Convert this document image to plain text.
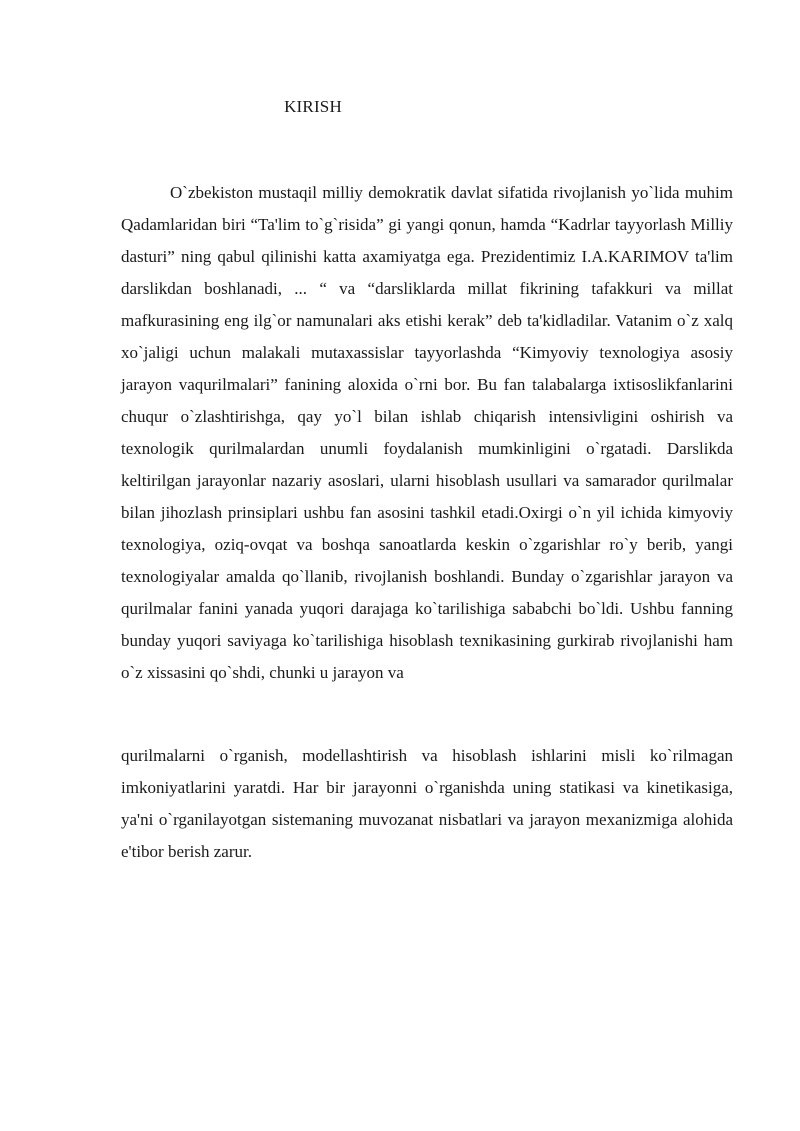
KIRISH

O`zbekiston mustaqil milliy demokratik davlat sifatida rivojlanish yo`lida muhim Qadamlaridan biri “Ta'lim to`g`risida” gi yangi qonun, hamda “Kadrlar tayyorlash Milliy dasturi” ning qabul qilinishi katta axamiyatga ega. Prezidentimiz I.A.KARIMOV ta'lim darslikdan boshlanadi, ... “ va “darsliklarda millat fikrining tafakkuri va millat mafkurasining eng ilg`or namunalari aks etishi kerak” deb ta'kidladilar. Vatanim o`z xalq xo`jaligi uchun malakali mutaxassislar tayyorlashda “Kimyoviy texnologiya asosiy jarayon vaqurilmalari” fanining aloxida o`rni bor. Bu fan talabalarga ixtisoslikfanlarini chuqur o`zlashtirishga, qay yo`l bilan ishlab chiqarish intensivligini oshirish va texnologik qurilmalardan unumli foydalanish mumkinligini o`rgatadi. Darslikda keltirilgan jarayonlar nazariy asoslari, ularni hisoblash usullari va samarador qurilmalar bilan jihozlash prinsiplari ushbu fan asosini tashkil etadi.Oxirgi o`n yil ichida kimyoviy texnologiya, oziq-ovqat va boshqa sanoatlarda keskin o`zgarishlar ro`y berib, yangi texnologiyalar amalda qo`llanib, rivojlanish boshlandi. Bunday o`zgarishlar jarayon va qurilmalar fanini yanada yuqori darajaga ko`tarilishiga sababchi bo`ldi. Ushbu fanning bunday yuqori saviyaga ko`tarilishiga hisoblash texnikasining gurkirab rivojlanishi ham o`z xissasini qo`shdi, chunki u jarayon va

qurilmalarni o`rganish, modellashtirish va hisoblash ishlarini misli ko`rilmagan imkoniyatlarini yaratdi. Har bir jarayonni o`rganishda uning statikasi va kinetikasiga, ya'ni o`rganilayotgan sistemaning muvozanat nisbatlari va jarayon mexanizmiga alohida e'tibor berish zarur.
